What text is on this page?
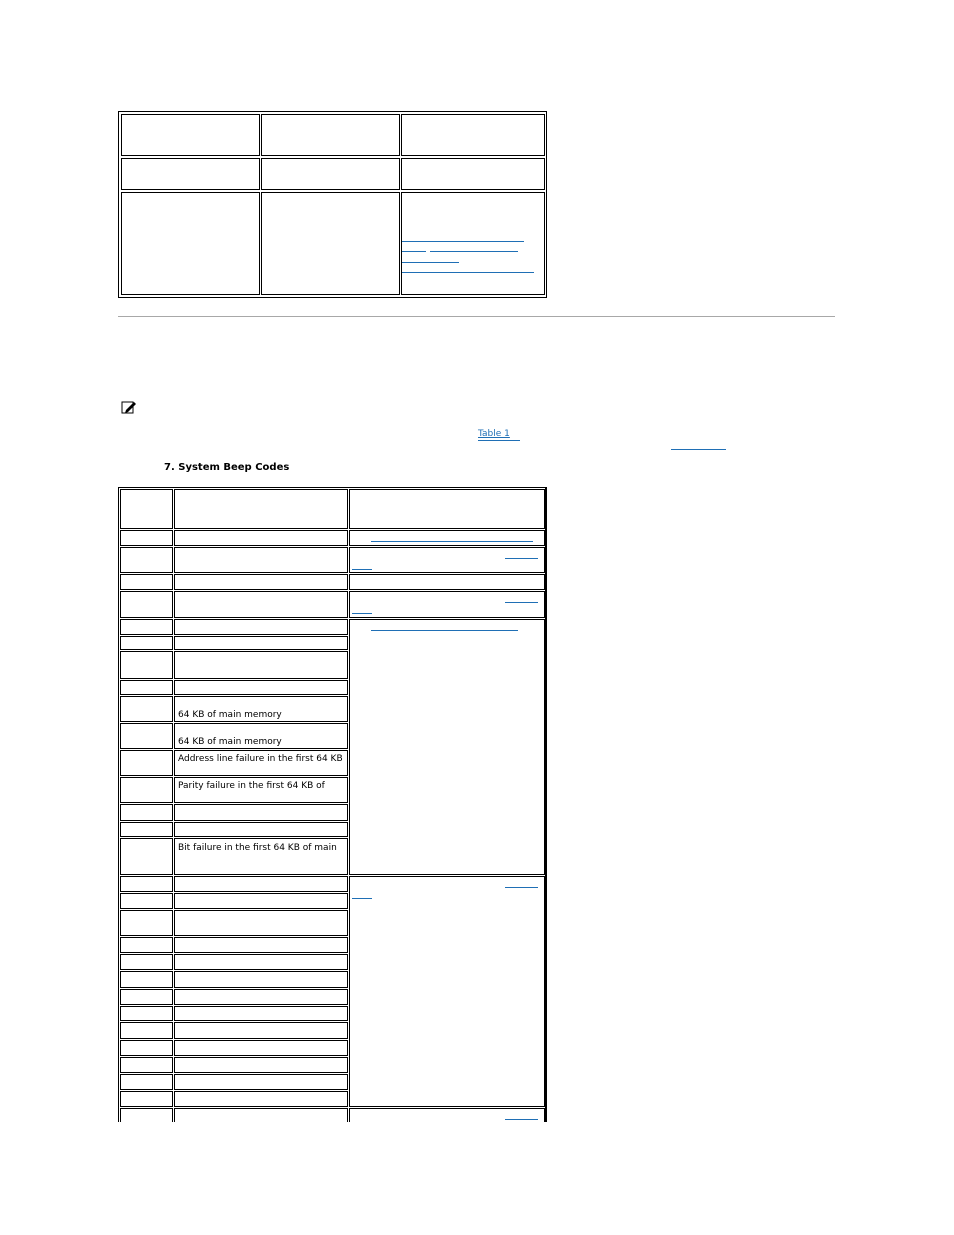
Table 1
7. System Beep Codes
64 KB of main memory
64 KB of main memory
Address line failure in the first 64 KB
Parity failure in the first 64 KB of
Bit failure in the first 64 KB of main
